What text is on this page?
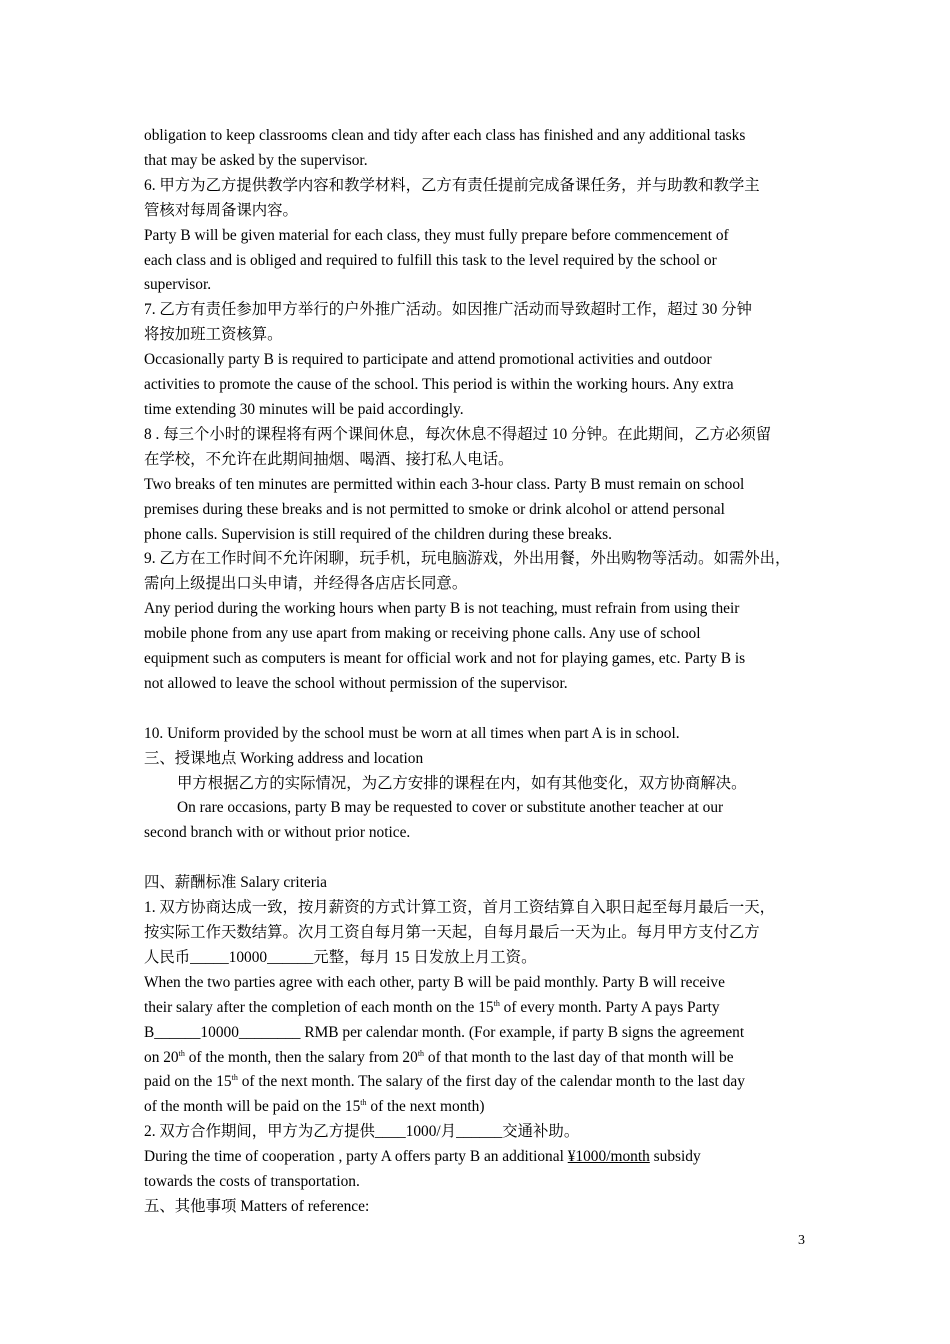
obligation to keep classrooms clean and tidy after each class has finished and any additional tasks

that may be asked by the supervisor.

6. 甲方为乙方提供教学内容和教学材料，乙方有责任提前完成备课任务，并与助教和教学主

管核对每周备课内容。

Party B will be given material for each class, they must fully prepare before commencement of

each class and is obliged and required to fulfill this task to the level required by the school or

supervisor.

7. 乙方有责任参加甲方举行的户外推广活动。如因推广活动而导致超时工作，超过 30 分钟

将按加班工资核算。

Occasionally party B is required to participate and attend promotional activities and outdoor

activities to promote the cause of the school. This period is within the working hours. Any extra

time extending 30 minutes will be paid accordingly.

8 . 每三个小时的课程将有两个课间休息，每次休息不得超过 10 分钟。在此期间，乙方必须留

在学校，不允许在此期间抽烟、喝酒、接打私人电话。

Two breaks of ten minutes are permitted within each 3-hour class. Party B must remain on school

premises during these breaks and is not permitted to smoke or drink alcohol or attend personal

phone calls. Supervision is still required of the children during these breaks.

9. 乙方在工作时间不允许闲聊，玩手机，玩电脑游戏，外出用餐，外出购物等活动。如需外出，

需向上级提出口头申请，并经得各店店长同意。

Any period during the working hours when party B is not teaching, must refrain from using their

mobile phone from any use apart from making or receiving phone calls. Any use of school

equipment such as computers is meant for official work and not for playing games, etc. Party B is

not allowed to leave the school without permission of the supervisor.

10. Uniform provided by the school must be worn at all times when part A is in school.

三、授课地点 Working address and location

甲方根据乙方的实际情况，为乙方安排的课程在内，如有其他变化，双方协商解决。

On rare occasions, party B may be requested to cover or substitute another teacher at our

second branch with or without prior notice.

四、薪酬标准 Salary criteria

1. 双方协商达成一致，按月薪资的方式计算工资，首月工资结算自入职日起至每月最后一天，

按实际工作天数结算。次月工资自每月第一天起，自每月最后一天为止。每月甲方支付乙方

人民币_____10000______元整，每月 15 日发放上月工资。

When the two parties agree with each other, party B will be paid monthly. Party B will receive

their salary after the completion of each month on the 15th of every month. Party A pays Party

B______10000________ RMB per calendar month. (For example, if party B signs the agreement

on 20th of the month, then the salary from 20th of that month to the last day of that month will be

paid on the 15th of the next month. The salary of the first day of the calendar month to the last day

of the month will be paid on the 15th of the next month)

2. 双方合作期间，甲方为乙方提供____1000/月______交通补助。

During the time of cooperation , party A offers party B an additional ¥1000/month subsidy

towards the costs of transportation.

五、其他事项 Matters of reference:

3
